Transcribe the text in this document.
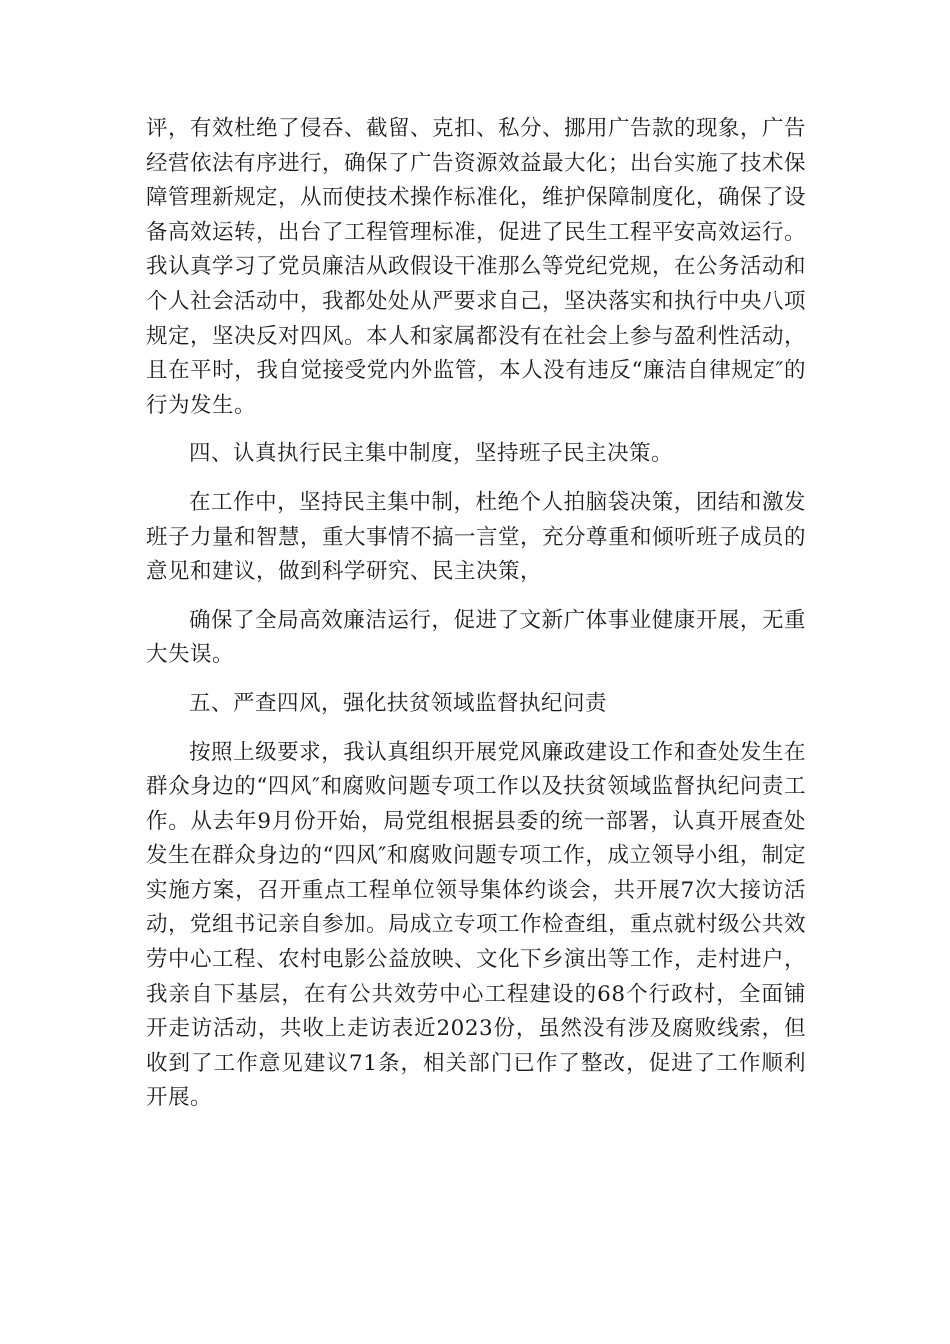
评，有效杜绝了侵吞、截留、克扣、私分、挪用广告款的现象，广告经营依法有序进行，确保了广告资源效益最大化；出台实施了技术保障管理新规定，从而使技术操作标准化，维护保障制度化，确保了设备高效运转，出台了工程管理标准，促进了民生工程平安高效运行。我认真学习了党员廉洁从政假设干准那么等党纪党规，在公务活动和个人社会活动中，我都处处从严要求自己，坚决落实和执行中央八项规定，坚决反对四风。本人和家属都没有在社会上参与盈利性活动，且在平时，我自觉接受党内外监管，本人没有违反“廉洁自律规定″的行为发生。

四、认真执行民主集中制度，坚持班子民主决策。

在工作中，坚持民主集中制，杜绝个人拍脑袋决策，团结和激发班子力量和智慧，重大事情不搞一言堂，充分尊重和倾听班子成员的意见和建议，做到科学研究、民主决策，

确保了全局高效廉洁运行，促进了文新广体事业健康开展，无重大失误。

五、严查四风，强化扶贫领域监督执纪问责

按照上级要求，我认真组织开展党风廉政建设工作和查处发生在群众身边的“四风″和腐败问题专项工作以及扶贫领域监督执纪问责工作。从去年9月份开始，局党组根据县委的统一部署，认真开展查处发生在群众身边的“四风″和腐败问题专项工作，成立领导小组，制定实施方案，召开重点工程单位领导集体约谈会，共开展7次大接访活动，党组书记亲自参加。局成立专项工作检查组，重点就村级公共效劳中心工程、农村电影公益放映、文化下乡演出等工作，走村进户，我亲自下基层，在有公共效劳中心工程建设的68个行政村，全面铺开走访活动，共收上走访表近2023份，虽然没有涉及腐败线索，但收到了工作意见建议71条，相关部门已作了整改，促进了工作顺利开展。
